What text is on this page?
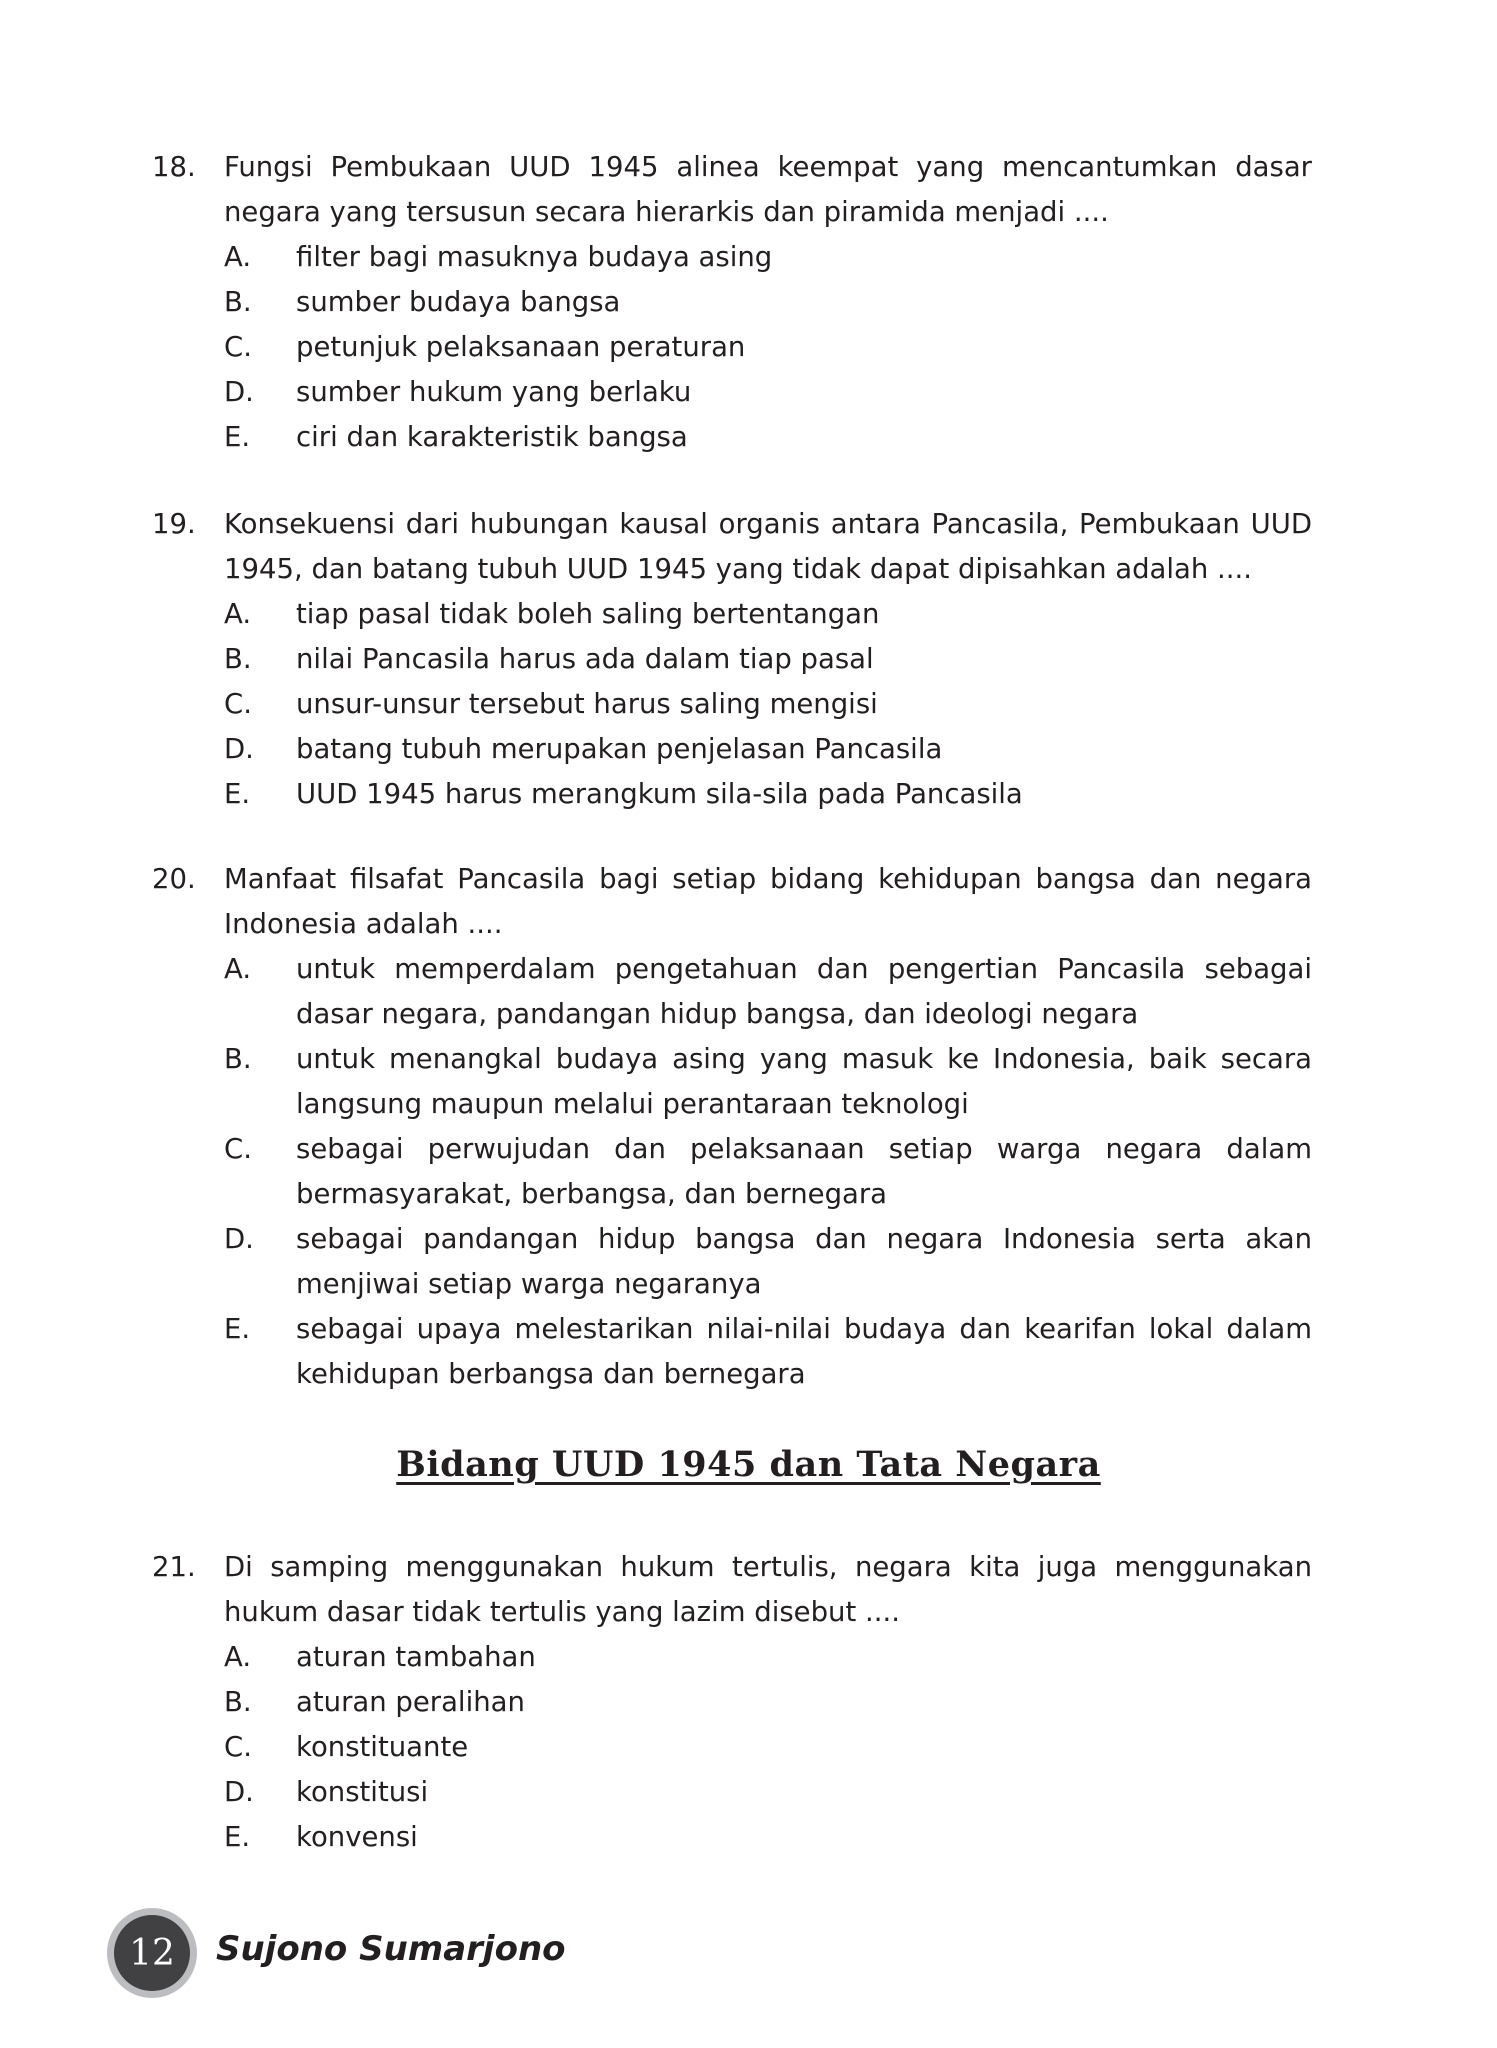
18.	Fungsi Pembukaan UUD 1945 alinea keempat yang mencantumkan dasar negara yang tersusun secara hierarkis dan piramida menjadi ....
A.	filter bagi masuknya budaya asing
B.	sumber budaya bangsa
C.	petunjuk pelaksanaan peraturan
D.	sumber hukum yang berlaku
E.	ciri dan karakteristik bangsa
19.	Konsekuensi dari hubungan kausal organis antara Pancasila, Pembukaan UUD 1945, dan batang tubuh UUD 1945 yang tidak dapat dipisahkan adalah ....
A.	tiap pasal tidak boleh saling bertentangan
B.	nilai Pancasila harus ada dalam tiap pasal
C.	unsur-unsur tersebut harus saling mengisi
D.	batang tubuh merupakan penjelasan Pancasila
E.	UUD 1945 harus merangkum sila-sila pada Pancasila
20.	Manfaat filsafat Pancasila bagi setiap bidang kehidupan bangsa dan negara Indonesia adalah ....
A.	untuk memperdalam pengetahuan dan pengertian Pancasila sebagai dasar negara, pandangan hidup bangsa, dan ideologi negara
B.	untuk menangkal budaya asing yang masuk ke Indonesia, baik secara langsung maupun melalui perantaraan teknologi
C.	sebagai perwujudan dan pelaksanaan setiap warga negara dalam bermasyarakat, berbangsa, dan bernegara
D.	sebagai pandangan hidup bangsa dan negara Indonesia serta akan menjiwai setiap warga negaranya
E.	sebagai upaya melestarikan nilai-nilai budaya dan kearifan lokal dalam kehidupan berbangsa dan bernegara
Bidang UUD 1945 dan Tata Negara
21.	Di samping menggunakan hukum tertulis, negara kita juga menggunakan hukum dasar tidak tertulis yang lazim disebut ....
A.	aturan tambahan
B.	aturan peralihan
C.	konstituante
D.	konstitusi
E.	konvensi
12	Sujono Sumarjono
